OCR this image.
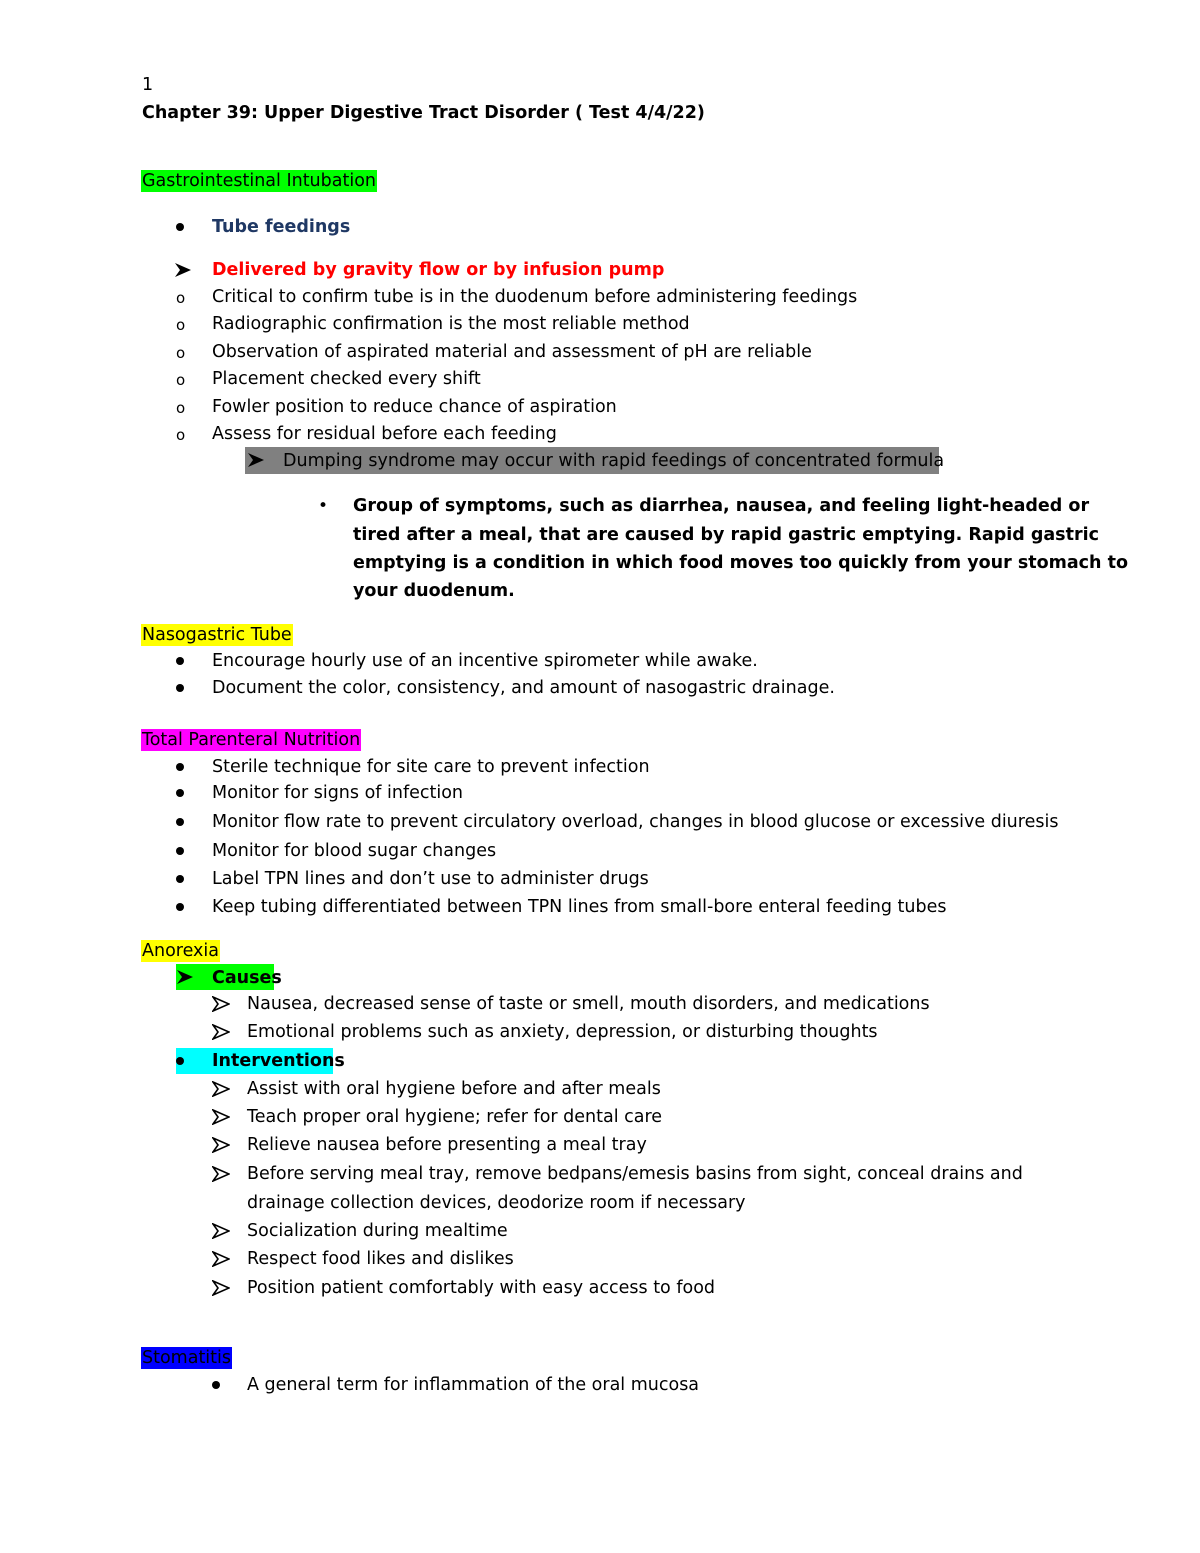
1
Chapter 39: Upper Digestive Tract Disorder ( Test 4/4/22)
Gastrointestinal Intubation
Tube feedings
Delivered by gravity flow or by infusion pump
o Critical to confirm tube is in the duodenum before administering feedings
o Radiographic confirmation is the most reliable method
o Observation of aspirated material and assessment of pH are reliable
o Placement checked every shift
o Fowler position to reduce chance of aspiration
o Assess for residual before each feeding
Dumping syndrome may occur with rapid feedings of concentrated formula
• Group of symptoms, such as diarrhea, nausea, and feeling light-headed or
tired after a meal, that are caused by rapid gastric emptying. Rapid gastric
emptying is a condition in which food moves too quickly from your stomach to
your duodenum.
Nasogastric Tube
Encourage hourly use of an incentive spirometer while awake.
Document the color, consistency, and amount of nasogastric drainage.
Total Parenteral Nutrition
Sterile technique for site care to prevent infection
Monitor for signs of infection
Monitor flow rate to prevent circulatory overload, changes in blood glucose or excessive diuresis
Monitor for blood sugar changes
Label TPN lines and don’t use to administer drugs
Keep tubing differentiated between TPN lines from small-bore enteral feeding tubes
Anorexia
Causes
Nausea, decreased sense of taste or smell, mouth disorders, and medications
Emotional problems such as anxiety, depression, or disturbing thoughts
Interventions
Assist with oral hygiene before and after meals
Teach proper oral hygiene; refer for dental care
Relieve nausea before presenting a meal tray
Before serving meal tray, remove bedpans/emesis basins from sight, conceal drains and
drainage collection devices, deodorize room if necessary
Socialization during mealtime
Respect food likes and dislikes
Position patient comfortably with easy access to food
Stomatitis
A general term for inflammation of the oral mucosa
